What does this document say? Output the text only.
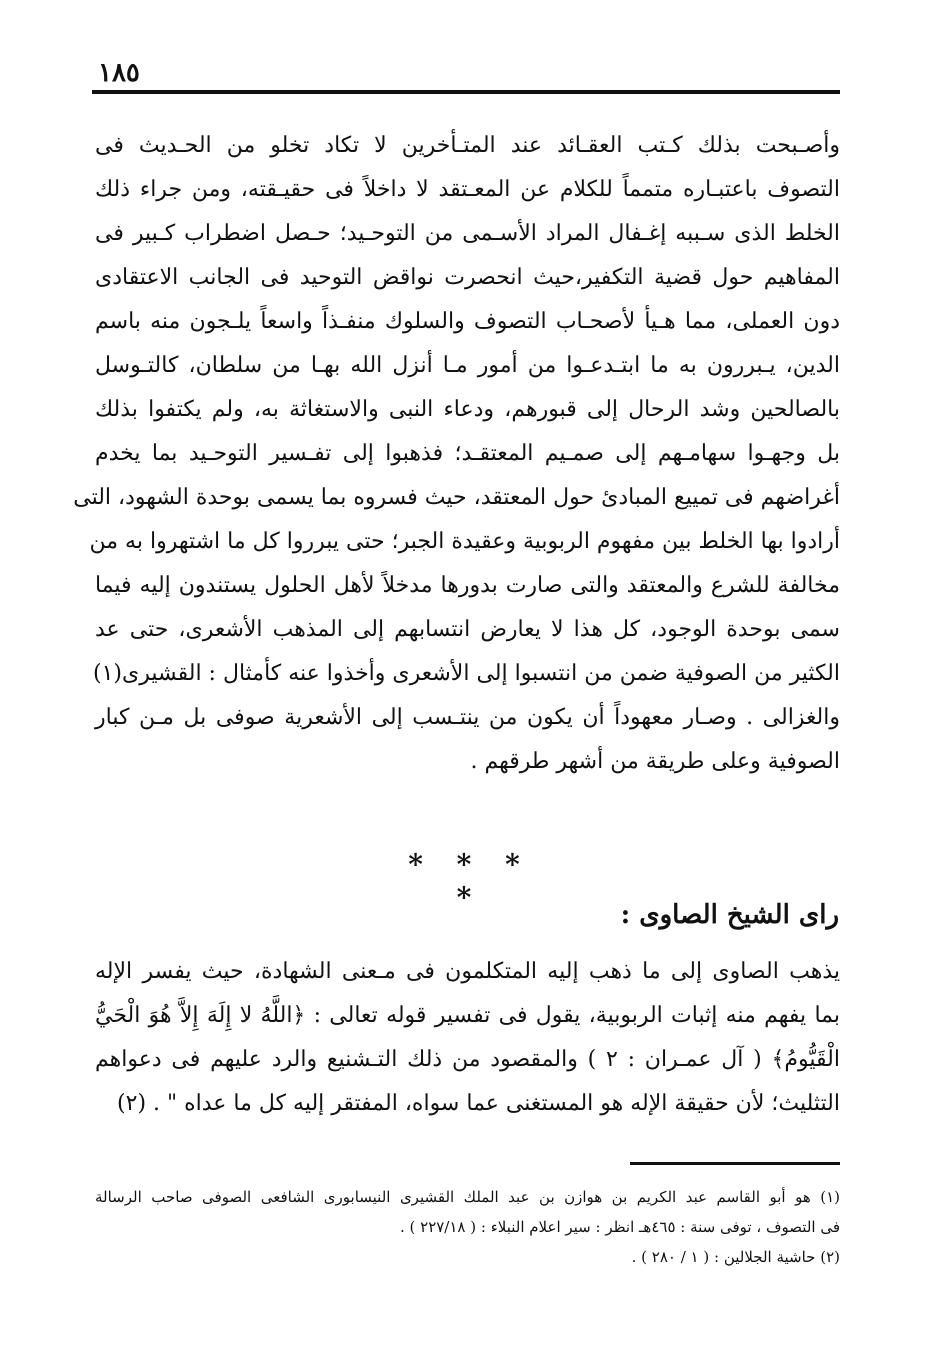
١٨٥
وأصـبحت بذلك كـتب العقـائد عند المتـأخرين لا تكاد تخلو من الحـديث فى
التصوف باعتبـاره متمماً للكلام عن المعـتقد لا داخلاً فى حقيـقته، ومن جراء ذلك
الخلط الذى سـببه إغـفال المراد الأسـمى من التوحـيد؛ حـصل اضطراب كـبير فى
المفاهيم حول قضية التكفير،حيث انحصرت نواقض التوحيد فى الجانب الاعتقادى
دون العملى، مما هـيأ لأصحـاب التصوف والسلوك منفـذاً واسعاً يلـجون منه باسم
الدين، يـبررون به ما ابتـدعـوا من أمور مـا أنزل الله بهـا من سلطان، كالتـوسل
بالصالحين وشد الرحال إلى قبورهم، ودعاء النبى والاستغاثة به، ولم يكتفوا بذلك
بل وجهـوا سهامـهم إلى صمـيم المعتقـد؛ فذهبوا إلى تفـسير التوحـيد بما يخدم
أغراضهم فى تمييع المبادئ حول المعتقد، حيث فسروه بما يسمى بوحدة الشهود، التى
أرادوا بها الخلط بين مفهوم الربوبية وعقيدة الجبر؛ حتى يبرروا كل ما اشتهروا به من
مخالفة للشرع والمعتقد والتى صارت بدورها مدخلاً لأهل الحلول يستندون إليه فيما
سمى بوحدة الوجود، كل هذا لا يعارض انتسابهم إلى المذهب الأشعرى، حتى عد
الكثير من الصوفية ضمن من انتسبوا إلى الأشعرى وأخذوا عنه كأمثال : القشيرى(١)
والغزالى . وصـار معهوداً أن يكون من ينتـسب إلى الأشعرية صوفى بل مـن كبار
الصوفية وعلى طريقة من أشهر طرقهم .
* * * *
راى الشيخ الصاوى :
يذهب الصاوى إلى ما ذهب إليه المتكلمون فى مـعنى الشهادة، حيث يفسر الإله
بما يفهم منه إثبات الربوبية، يقول فى تفسير قوله تعالى : ﴿اللَّهُ لا إِلَهَ إِلاَّ هُوَ الْحَيُّ
الْقَيُّومُ﴾ ( آل عمـران : ٢ ) والمقصود من ذلك التـشنيع والرد عليهم فى دعواهم
التثليث؛ لأن حقيقة الإله هو المستغنى عما سواه، المفتقر إليه كل ما عداه " . (٢)
(١) هو أبو القاسم عبد الكريم بن هوازن بن عبد الملك القشيرى النيسابورى الشافعى الصوفى صاحب الرسالة
فى التصوف ، توفى سنة : ٤٦٥هـ انظر : سير اعلام النبلاء : ( ٢٢٧/١٨ ) .
(٢) حاشية الجلالين : ( ١ / ٢٨٠ ) .
